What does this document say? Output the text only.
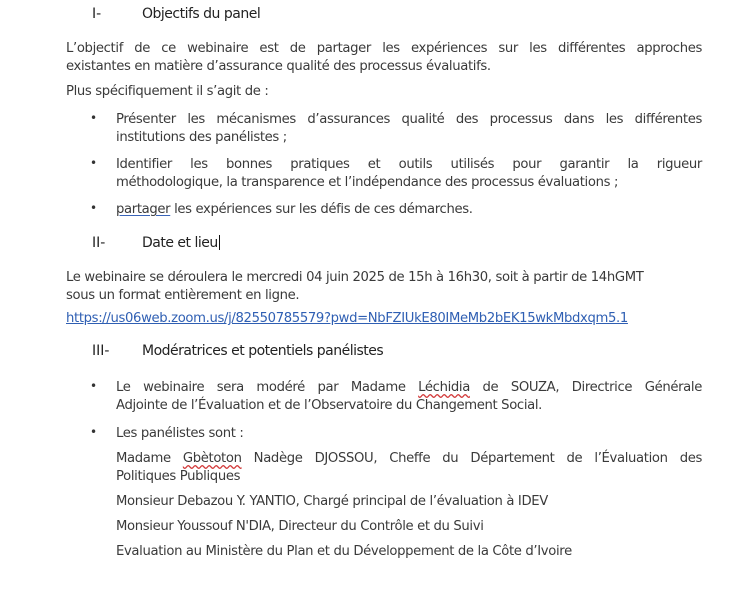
I-	Objectifs du panel
L’objectif de ce webinaire est de partager les expériences sur les différentes approches
existantes en matière d’assurance qualité des processus évaluatifs.
Plus spécifiquement il s’agit de :
• Présenter les mécanismes d’assurances qualité des processus dans les différentes
institutions des panélistes ;
• Identifier les bonnes pratiques et outils utilisés pour garantir la rigueur
méthodologique, la transparence et l’indépendance des processus évaluations ;
• partager les expériences sur les défis de ces démarches.
II-	Date et lieu
Le webinaire se déroulera le mercredi 04 juin 2025 de 15h à 16h30, soit à partir de 14hGMT
sous un format entièrement en ligne.
https://us06web.zoom.us/j/82550785579?pwd=NbFZIUkE80IMeMb2bEK15wkMbdxqm5.1
III- Modératrices et potentiels panélistes
• Le webinaire sera modéré par Madame Léchidia de SOUZA, Directrice Générale
Adjointe de l’Évaluation et de l’Observatoire du Changement Social.
• Les panélistes sont :
Madame Gbètoton Nadège DJOSSOU, Cheffe du Département de l’Évaluation des
Politiques Publiques
Monsieur Debazou Y. YANTIO, Chargé principal de l’évaluation à IDEV
Monsieur Youssouf N'DIA, Directeur du Contrôle et du Suivi
Evaluation au Ministère du Plan et du Développement de la Côte d’Ivoire
